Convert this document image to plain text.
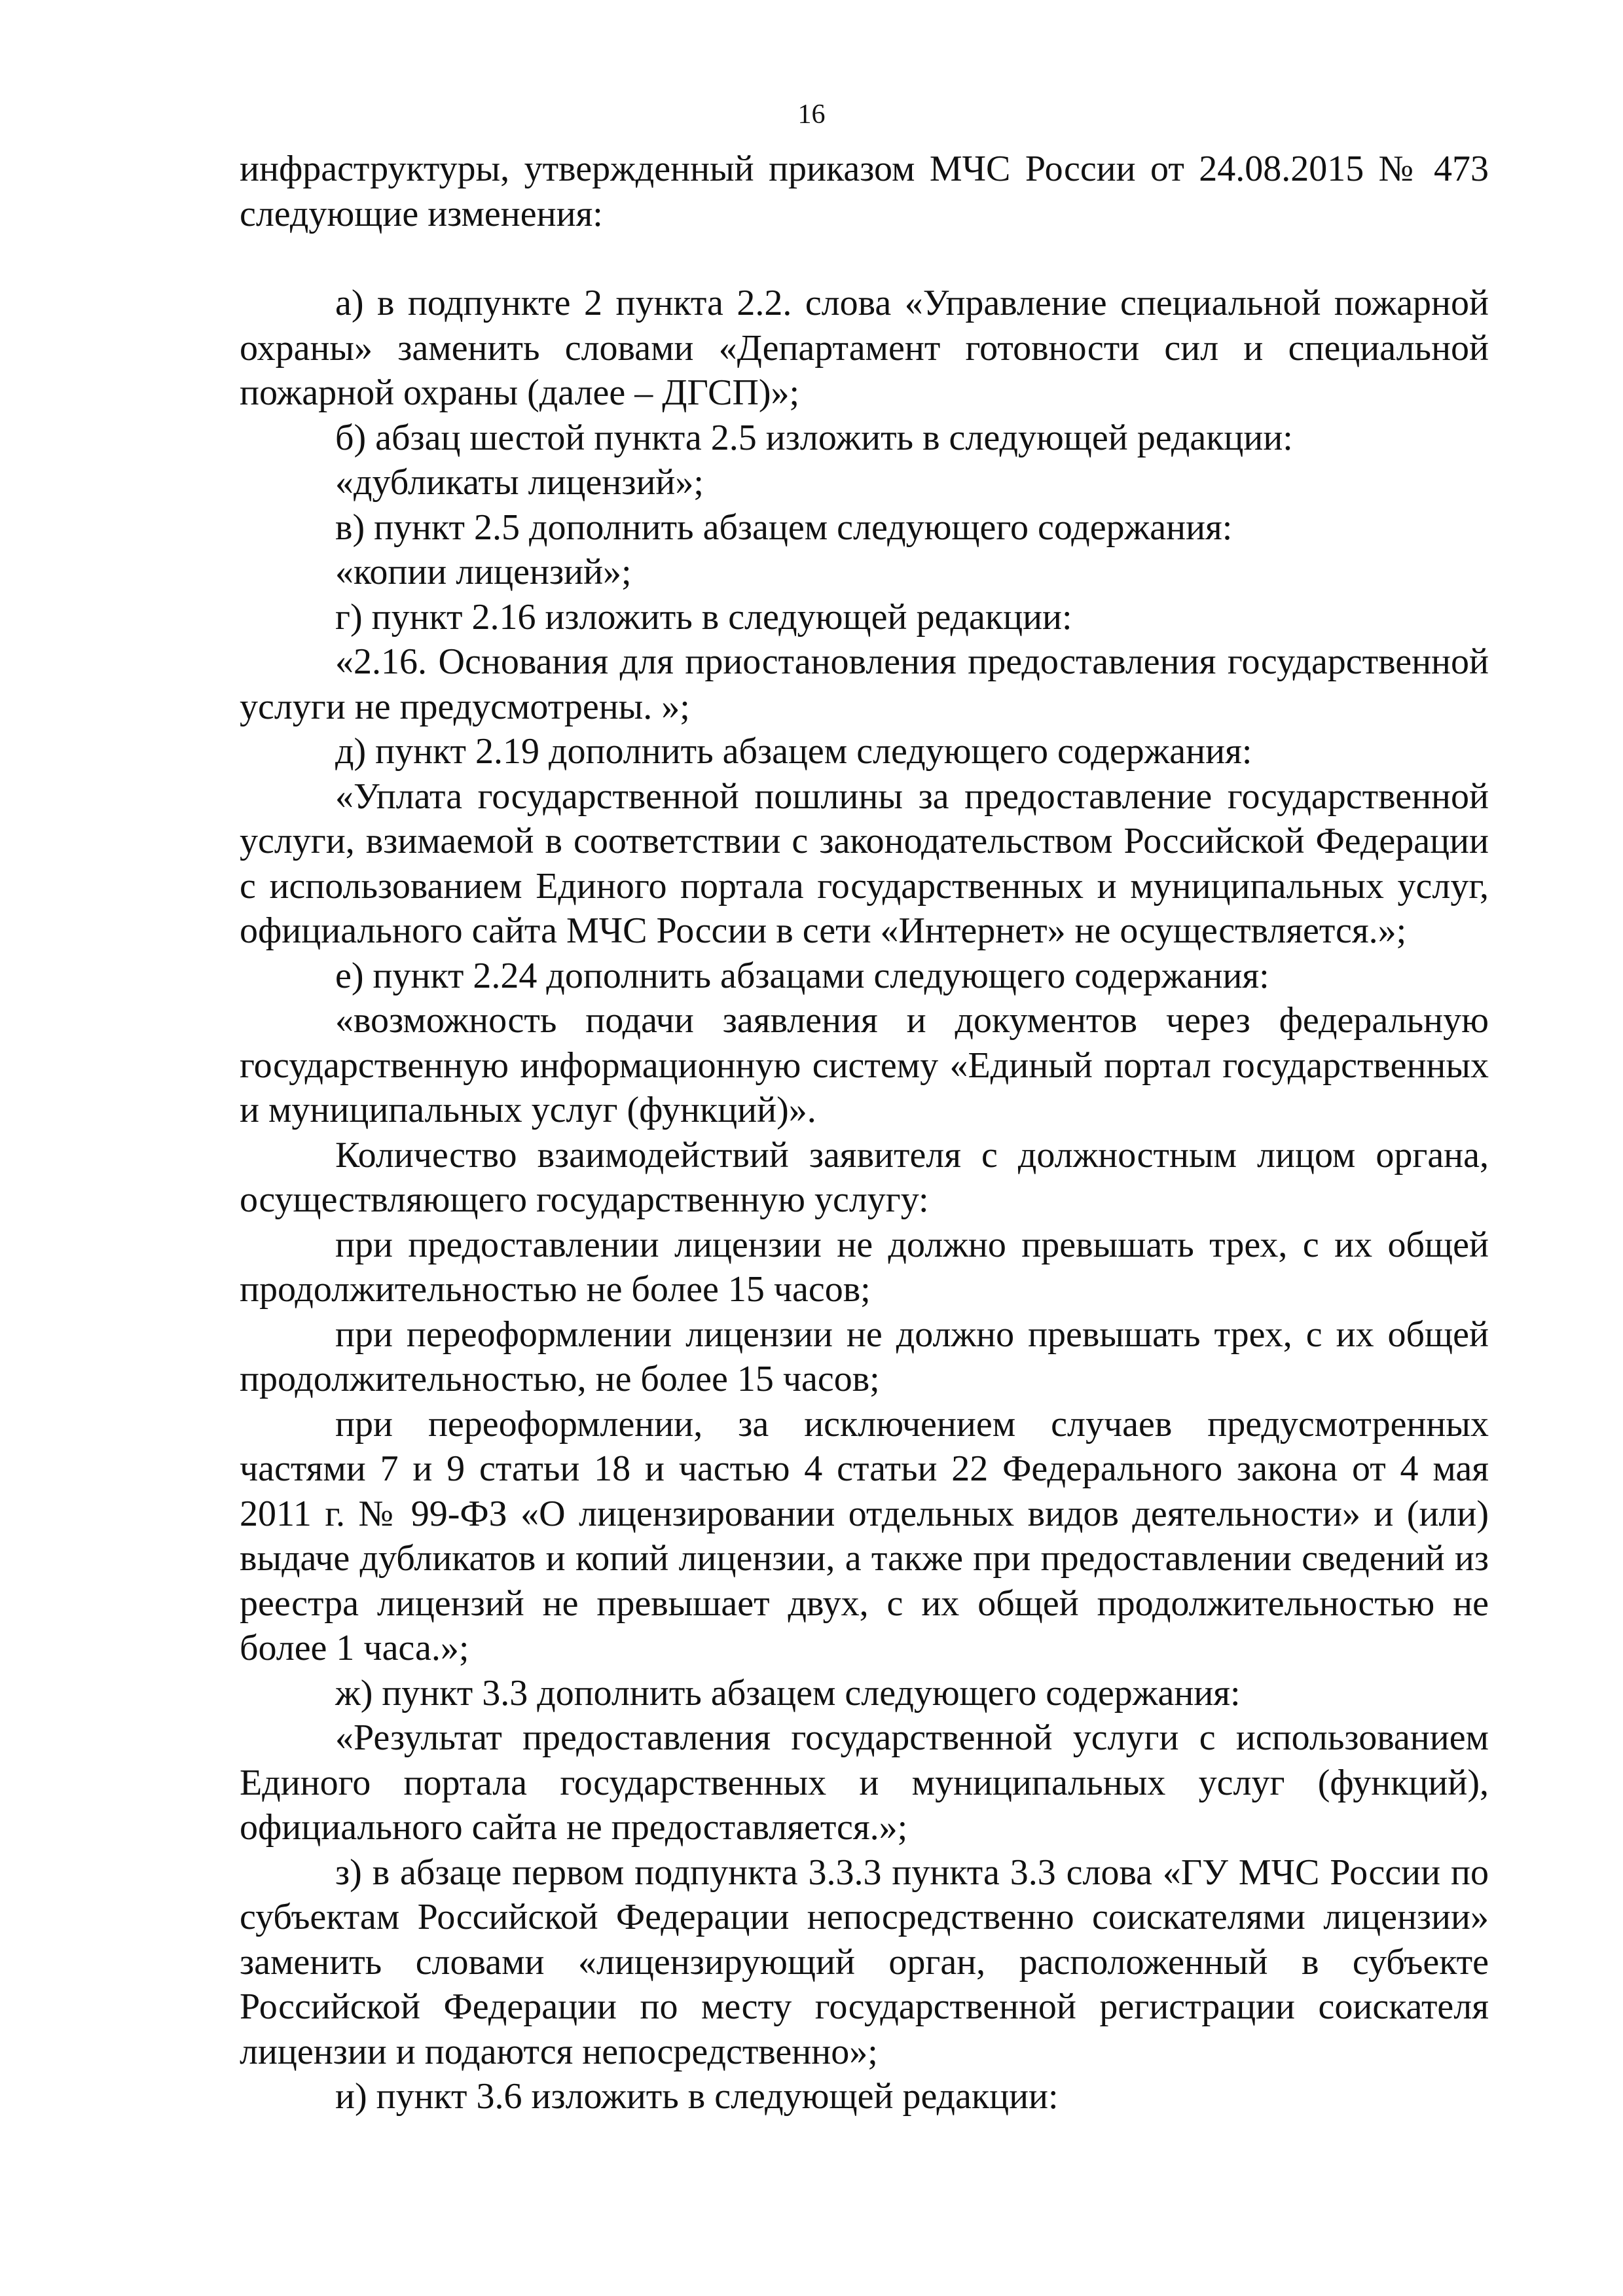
16

инфраструктуры, утвержденный приказом МЧС России от 24.08.2015 № 473 следующие изменения:

а) в подпункте 2 пункта 2.2. слова «Управление специальной пожарной охраны» заменить словами «Департамент готовности сил и специальной пожарной охраны (далее – ДГСП)»;

б) абзац шестой пункта 2.5 изложить в следующей редакции:

«дубликаты лицензий»;

в) пункт 2.5 дополнить абзацем следующего содержания:

«копии лицензий»;

г) пункт 2.16 изложить в следующей редакции:

«2.16. Основания для приостановления предоставления государственной услуги не предусмотрены. »;

д) пункт 2.19 дополнить абзацем следующего содержания:

«Уплата государственной пошлины за предоставление государственной услуги, взимаемой в соответствии с законодательством Российской Федерации с использованием Единого портала государственных и муниципальных услуг, официального сайта МЧС России в сети «Интернет» не осуществляется.»;

е) пункт 2.24 дополнить абзацами следующего содержания:

«возможность подачи заявления и документов через федеральную государственную информационную систему «Единый портал государственных и муниципальных услуг (функций)».

Количество взаимодействий заявителя с должностным лицом органа, осуществляющего государственную услугу:

при предоставлении лицензии не должно превышать трех, с их общей продолжительностью не более 15 часов;

при переоформлении лицензии не должно превышать трех, с их общей продолжительностью, не более 15 часов;

при переоформлении, за исключением случаев предусмотренных частями 7 и 9 статьи 18 и частью 4 статьи 22 Федерального закона от 4 мая 2011 г. № 99-ФЗ «О лицензировании отдельных видов деятельности» и (или) выдаче дубликатов и копий лицензии, а также при предоставлении сведений из реестра лицензий не превышает двух, с их общей продолжительностью не более 1 часа.»;

ж) пункт 3.3 дополнить абзацем следующего содержания:

«Результат предоставления государственной услуги с использованием Единого портала государственных и муниципальных услуг (функций), официального сайта не предоставляется.»;

з) в абзаце первом подпункта 3.3.3 пункта 3.3 слова «ГУ МЧС России по субъектам Российской Федерации непосредственно соискателями лицензии» заменить словами «лицензирующий орган, расположенный в субъекте Российской Федерации по месту государственной регистрации соискателя лицензии и подаются непосредственно»;

и) пункт 3.6 изложить в следующей редакции:
